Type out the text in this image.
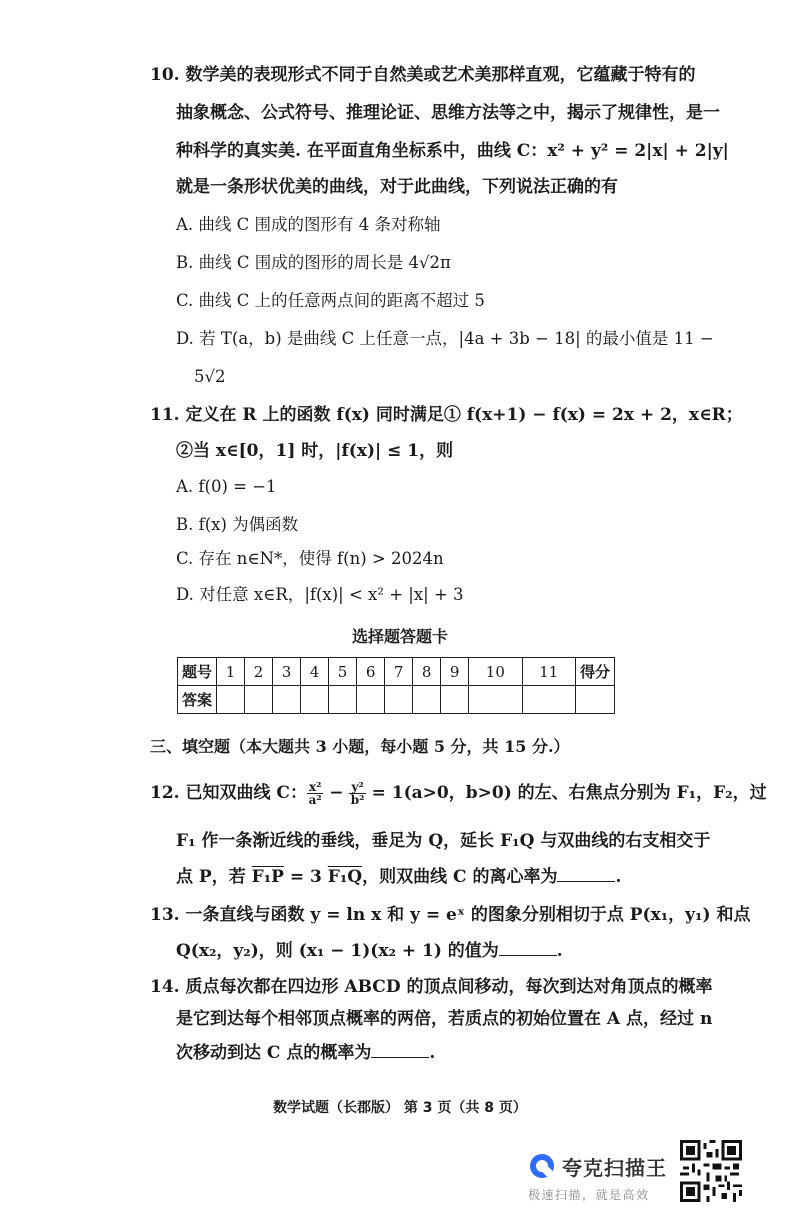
10. 数学美的表现形式不同于自然美或艺术美那样直观，它蕴藏于特有的
抽象概念、公式符号、推理论证、思维方法等之中，揭示了规律性，是一
种科学的真实美. 在平面直角坐标系中，曲线 C：x² + y² = 2|x| + 2|y|
就是一条形状优美的曲线，对于此曲线，下列说法正确的有
A. 曲线 C 围成的图形有 4 条对称轴
B. 曲线 C 围成的图形的周长是 4√2π
C. 曲线 C 上的任意两点间的距离不超过 5
D. 若 T(a，b) 是曲线 C 上任意一点，|4a + 3b − 18| 的最小值是 11 −
5√2
11. 定义在 R 上的函数 f(x) 同时满足① f(x+1) − f(x) = 2x + 2，x∈R；
②当 x∈[0，1] 时，|f(x)| ≤ 1，则
A. f(0) = −1
B. f(x) 为偶函数
C. 存在 n∈N*，使得 f(n) > 2024n
D. 对任意 x∈R，|f(x)| < x² + |x| + 3
选择题答题卡
题号	1	2	3	4	5	6	7	8	9	10	11	得分
答案												
三、填空题（本大题共 3 小题，每小题 5 分，共 15 分.）
12. 已知双曲线 C： $\frac{\text{x²}}{\text{a²}} - \frac{\text{y²}}{\text{b²}} = 1(a>0$，b>0) 的左、右焦点分别为 F₁，F₂，过
F₁ 作一条渐近线的垂线，垂足为 Q，延长 F₁Q 与双曲线的右支相交于
点 P，若 F₁P = 3 F₁Q，则双曲线 C 的离心率为	.
13. 一条直线与函数 y = ln x 和 y = eˣ 的图象分别相切于点 P(x₁，y₁) 和点
Q(x₂，y₂)，则 (x₁ − 1)(x₂ + 1) 的值为	.
14. 质点每次都在四边形 ABCD 的顶点间移动，每次到达对角顶点的概率
是它到达每个相邻顶点概率的两倍，若质点的初始位置在 A 点，经过 n
次移动到达 C 点的概率为	.
数学试题（长郡版） 第 3 页（共 8 页）
夸克扫描王
极速扫描，就是高效
